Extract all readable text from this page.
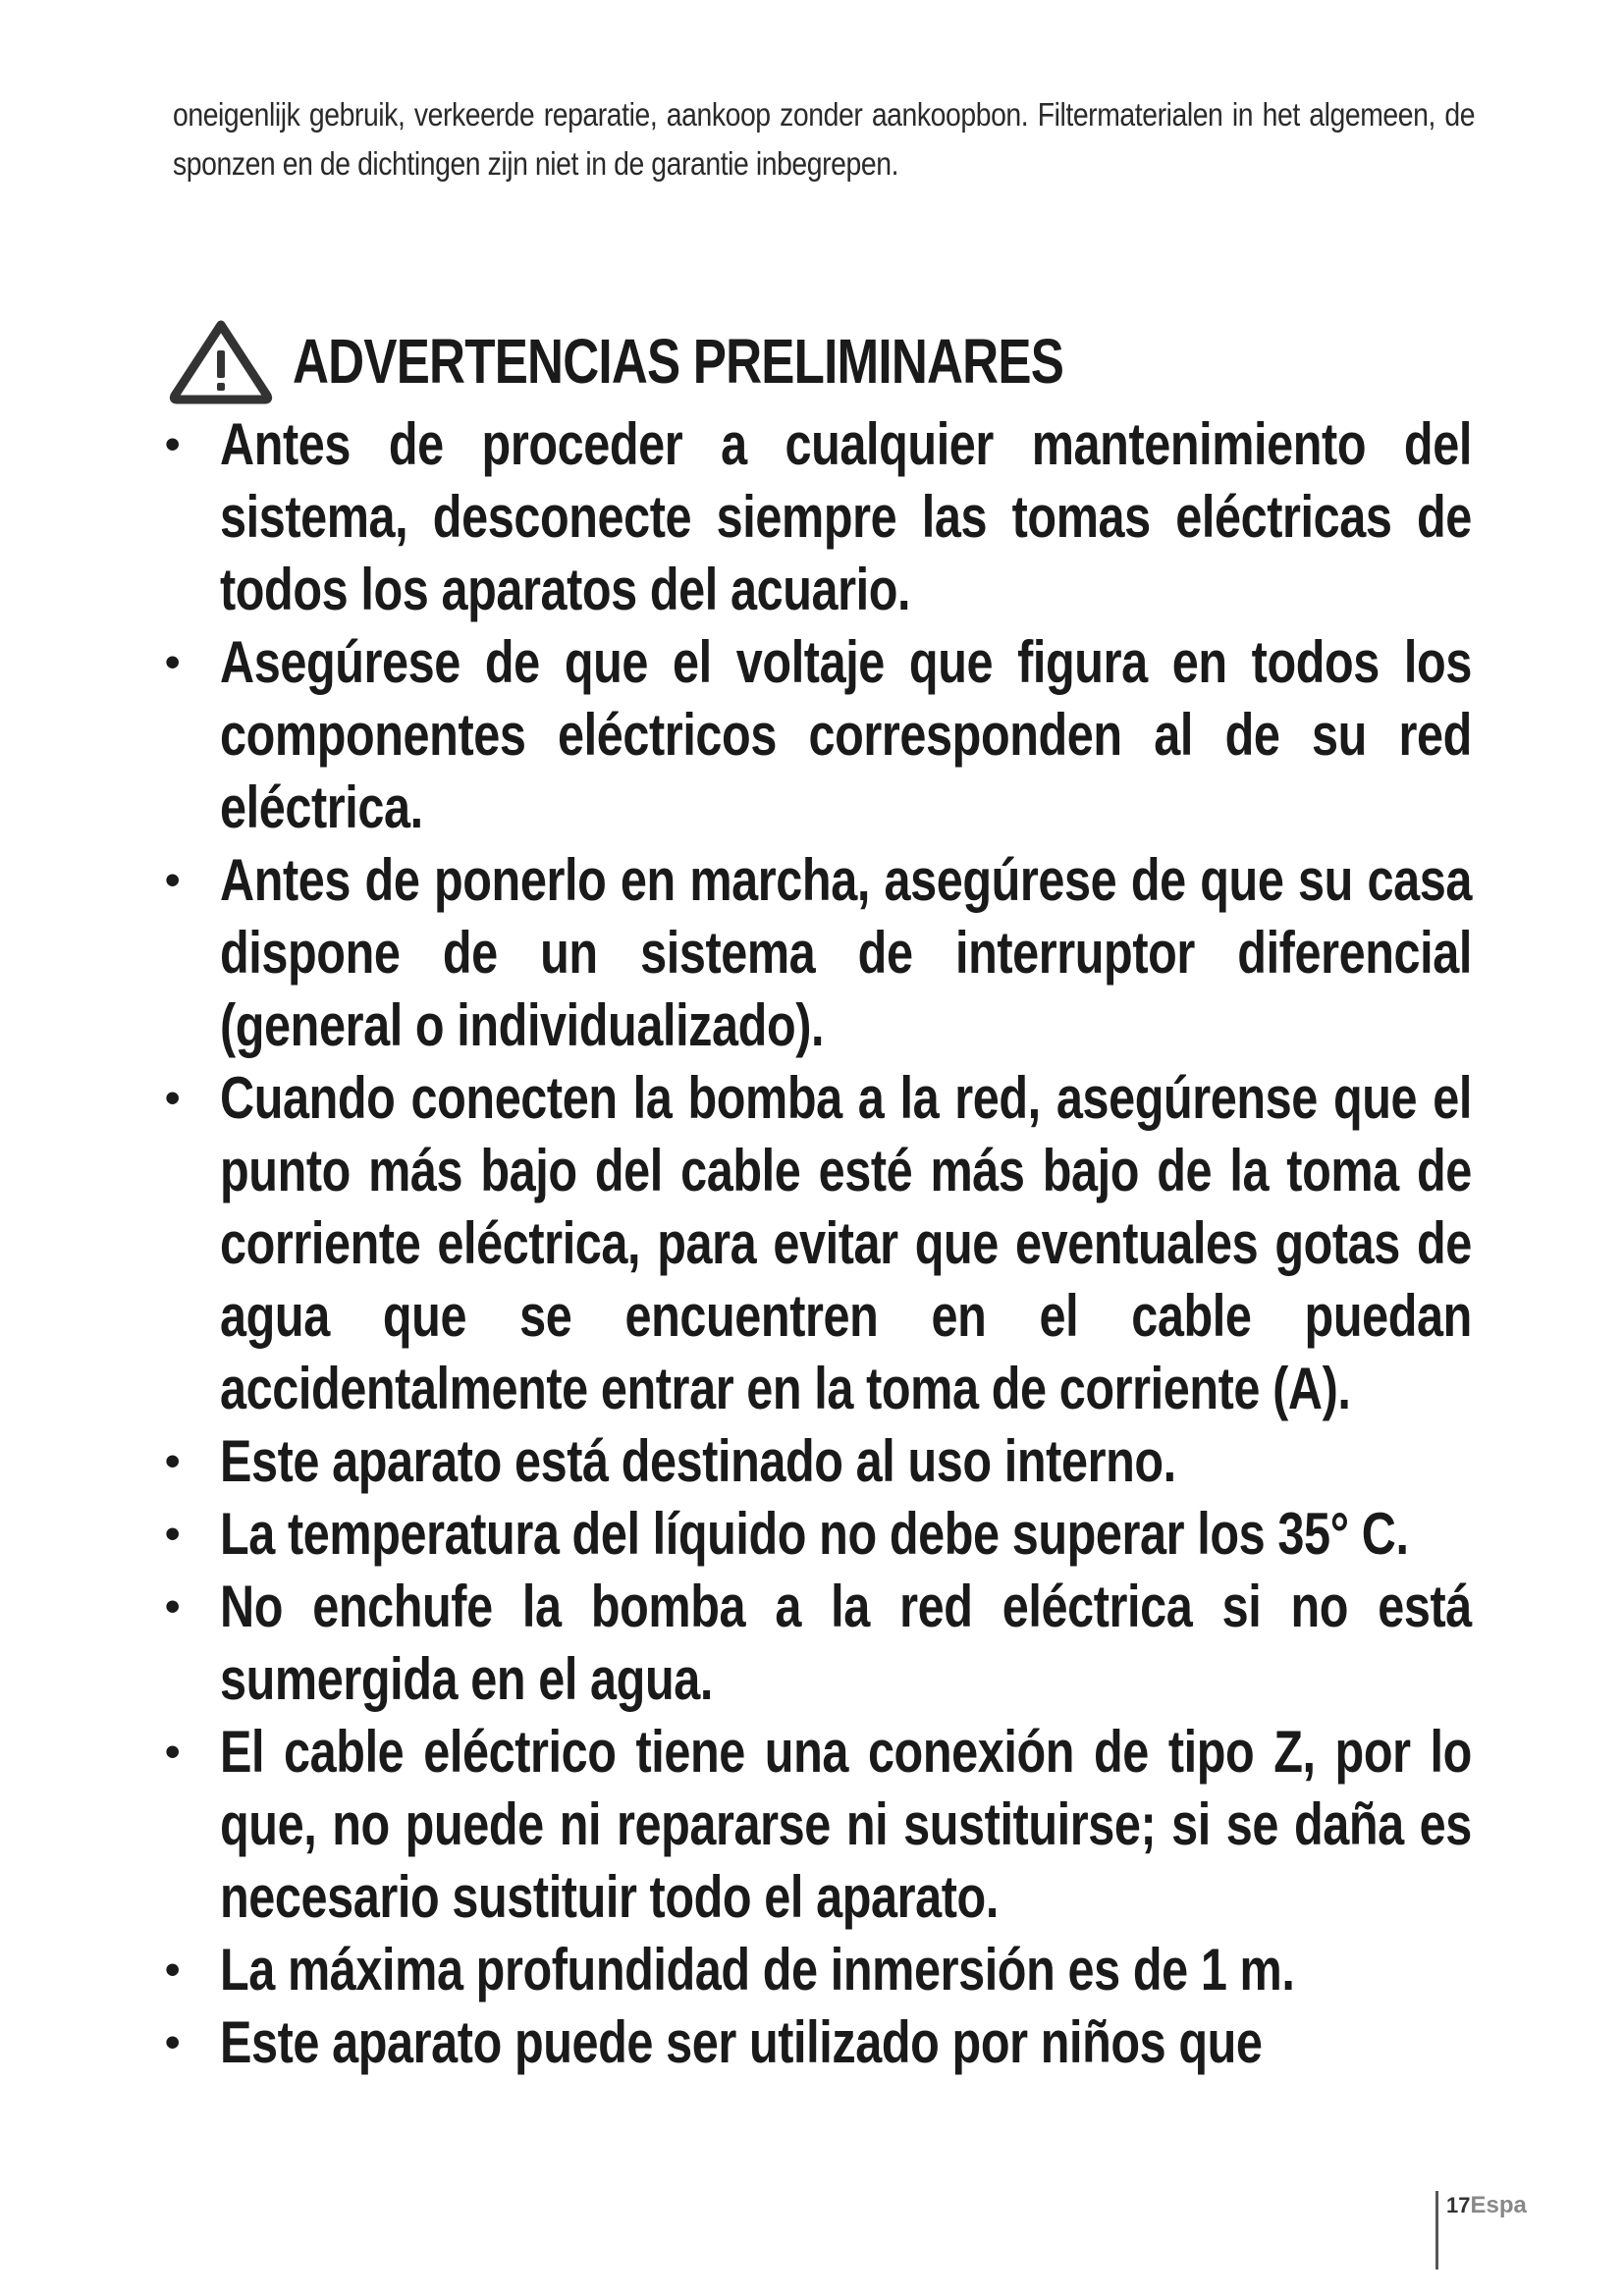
oneigenlijk gebruik, verkeerde reparatie, aankoop zonder aankoopbon. Filtermaterialen in het algemeen, de sponzen en de dichtingen zijn niet in de garantie inbegrepen.
ADVERTENCIAS PRELIMINARES
• Antes de proceder a cualquier mantenimiento del sistema, desconecte siempre las tomas eléctricas de todos los aparatos del acuario.
• Asegúrese de que el voltaje que figura en todos los componentes eléctricos corresponden al de su red eléctrica.
• Antes de ponerlo en marcha, asegúrese de que su casa dispone de un sistema de interruptor diferencial (general o individualizado).
• Cuando conecten la bomba a la red, asegúrense que el punto más bajo del cable esté más bajo de la toma de corriente eléctrica, para evitar que eventuales gotas de agua que se encuentren en el cable puedan accidentalmente entrar en la toma de corriente (A).
• Este aparato está destinado al uso interno.
• La temperatura del líquido no debe superar los 35° C.
• No enchufe la bomba a la red eléctrica si no está sumergida en el agua.
• El cable eléctrico tiene una conexión de tipo Z, por lo que, no puede ni repararse ni sustituirse; si se daña es necesario sustituir todo el aparato.
• La máxima profundidad de inmersión es de 1 m.
• Este aparato puede ser utilizado por niños que
17 Espa
